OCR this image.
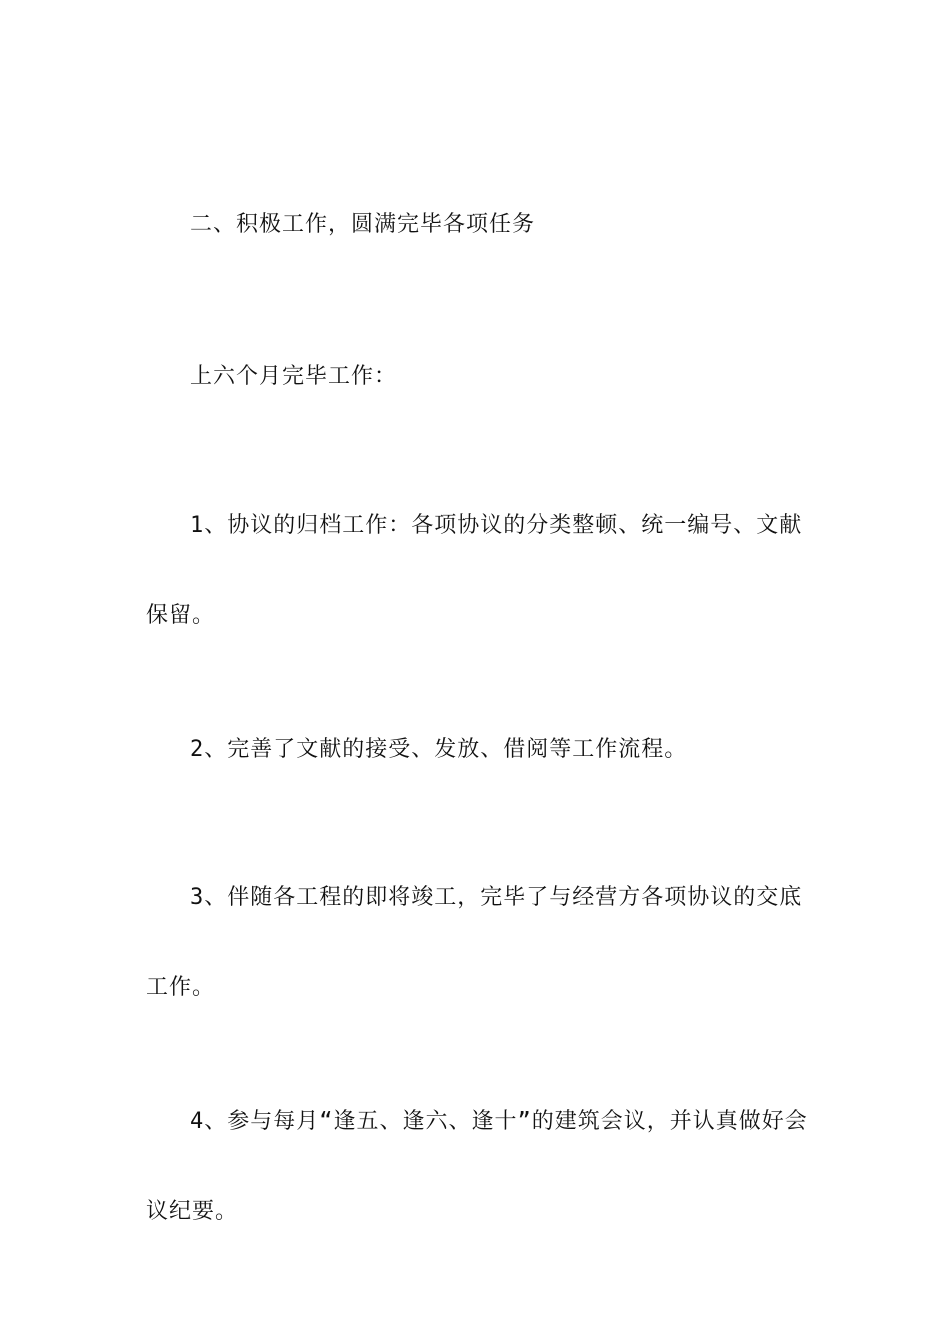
二、积极工作，圆满完毕各项任务

上六个月完毕工作：

1、协议的归档工作：各项协议的分类整顿、统一编号、文献保留。

2、完善了文献的接受、发放、借阅等工作流程。

3、伴随各工程的即将竣工，完毕了与经营方各项协议的交底工作。

4、参与每月“逢五、逢六、逢十”的建筑会议，并认真做好会议纪要。
